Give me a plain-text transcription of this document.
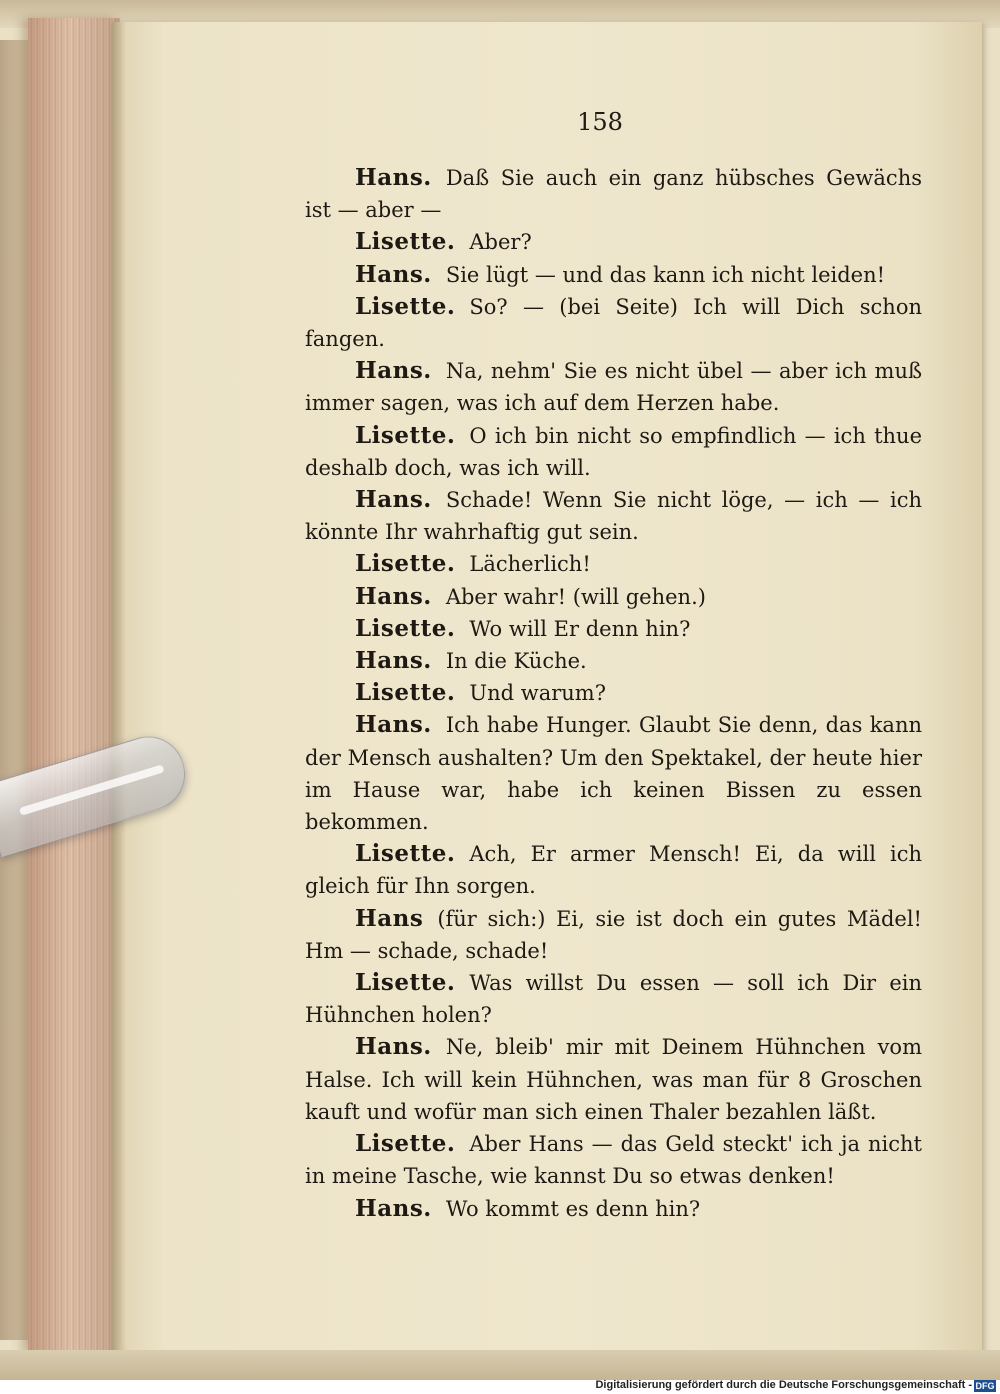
158

Hans. Daß Sie auch ein ganz hübsches Gewächs ist — aber —

Lisette. Aber?

Hans. Sie lügt — und das kann ich nicht leiden!

Lisette. So? — (bei Seite) Ich will Dich schon fangen.

Hans. Na, nehm' Sie es nicht übel — aber ich muß immer sagen, was ich auf dem Herzen habe.

Lisette. O ich bin nicht so empfindlich — ich thue deshalb doch, was ich will.

Hans. Schade! Wenn Sie nicht löge, — ich — ich könnte Ihr wahrhaftig gut sein.

Lisette. Lächerlich!

Hans. Aber wahr! (will gehen.)

Lisette. Wo will Er denn hin?

Hans. In die Küche.

Lisette. Und warum?

Hans. Ich habe Hunger. Glaubt Sie denn, das kann der Mensch aushalten? Um den Spektakel, der heute hier im Hause war, habe ich keinen Bissen zu essen bekommen.

Lisette. Ach, Er armer Mensch! Ei, da will ich gleich für Ihn sorgen.

Hans (für sich:) Ei, sie ist doch ein gutes Mädel! Hm — schade, schade!

Lisette. Was willst Du essen — soll ich Dir ein Hühnchen holen?

Hans. Ne, bleib' mir mit Deinem Hühnchen vom Halse. Ich will kein Hühnchen, was man für 8 Groschen kauft und wofür man sich einen Thaler bezahlen läßt.

Lisette. Aber Hans — das Geld steckt' ich ja nicht in meine Tasche, wie kannst Du so etwas denken!

Hans. Wo kommt es denn hin?

Digitalisierung gefördert durch die Deutsche Forschungsgemeinschaft - DFG
